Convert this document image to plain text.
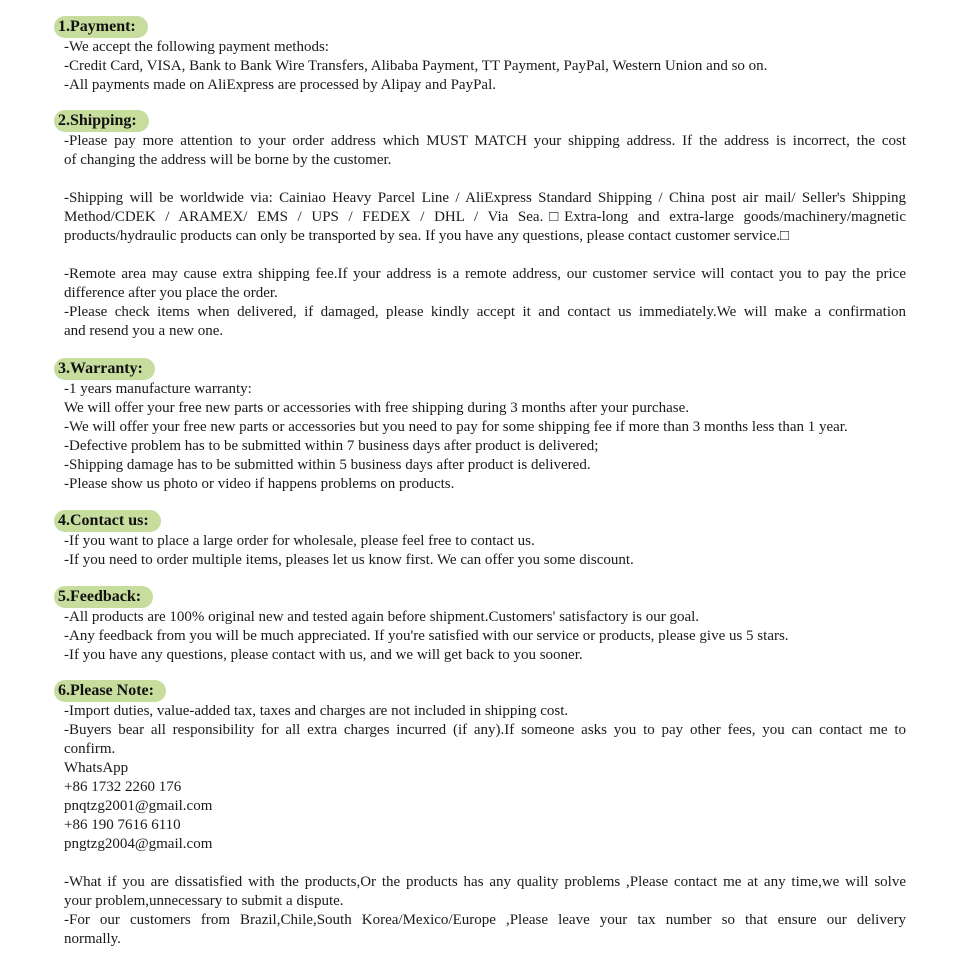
1.Payment:
-We accept the following payment methods:
-Credit Card, VISA, Bank to Bank Wire Transfers, Alibaba Payment, TT Payment, PayPal, Western Union and so on.
-All payments made on AliExpress are processed by Alipay and PayPal.
2.Shipping:
-Please pay more attention to your order address which MUST MATCH your shipping address. If the address is incorrect, the cost
of changing the address will be borne by the customer.
-Shipping will be worldwide via: Cainiao Heavy Parcel Line / AliExpress Standard Shipping / China post air mail/ Seller's Shipping
Method/CDEK / ARAMEX/ EMS / UPS / FEDEX / DHL / Via Sea.□Extra-long and extra-large goods/machinery/magnetic
products/hydraulic products can only be transported by sea. If you have any questions, please contact customer service.□
-Remote area may cause extra shipping fee.If your address is a remote address, our customer service will contact you to pay the price
difference after you place the order.
-Please check items when delivered, if damaged, please kindly accept it and contact us immediately.We will make a confirmation
and resend you a new one.
3.Warranty:
-1 years manufacture warranty:
We will offer your free new parts or accessories with free shipping during 3 months after your purchase.
-We will offer your free new parts or accessories but you need to pay for some shipping fee if more than 3 months less than 1 year.
-Defective problem has to be submitted within 7 business days after product is delivered;
-Shipping damage has to be submitted within 5 business days after product is delivered.
-Please show us photo or video if happens problems on products.
4.Contact us:
-If you want to place a large order for wholesale, please feel free to contact us.
-If you need to order multiple items, pleases let us know first. We can offer you some discount.
5.Feedback:
-All products are 100% original new and tested again before shipment.Customers' satisfactory is our goal.
-Any feedback from you will be much appreciated. If you're satisfied with our service or products, please give us 5 stars.
-If you have any questions, please contact with us, and we will get back to you sooner.
6.Please Note:
-Import duties, value-added tax, taxes and charges are not included in shipping cost.
-Buyers bear all responsibility for all extra charges incurred (if any).If someone asks you to pay other fees, you can contact me to
confirm.
WhatsApp
+86 1732 2260 176
pnqtzg2001@gmail.com
+86 190 7616 6110
pngtzg2004@gmail.com
-What if you are dissatisfied with the products,Or the products has any quality problems ,Please contact me at any time,we will solve
your problem,unnecessary to submit a dispute.
-For our customers from Brazil,Chile,South Korea/Mexico/Europe ,Please leave your tax number so that ensure our delivery
normally.
